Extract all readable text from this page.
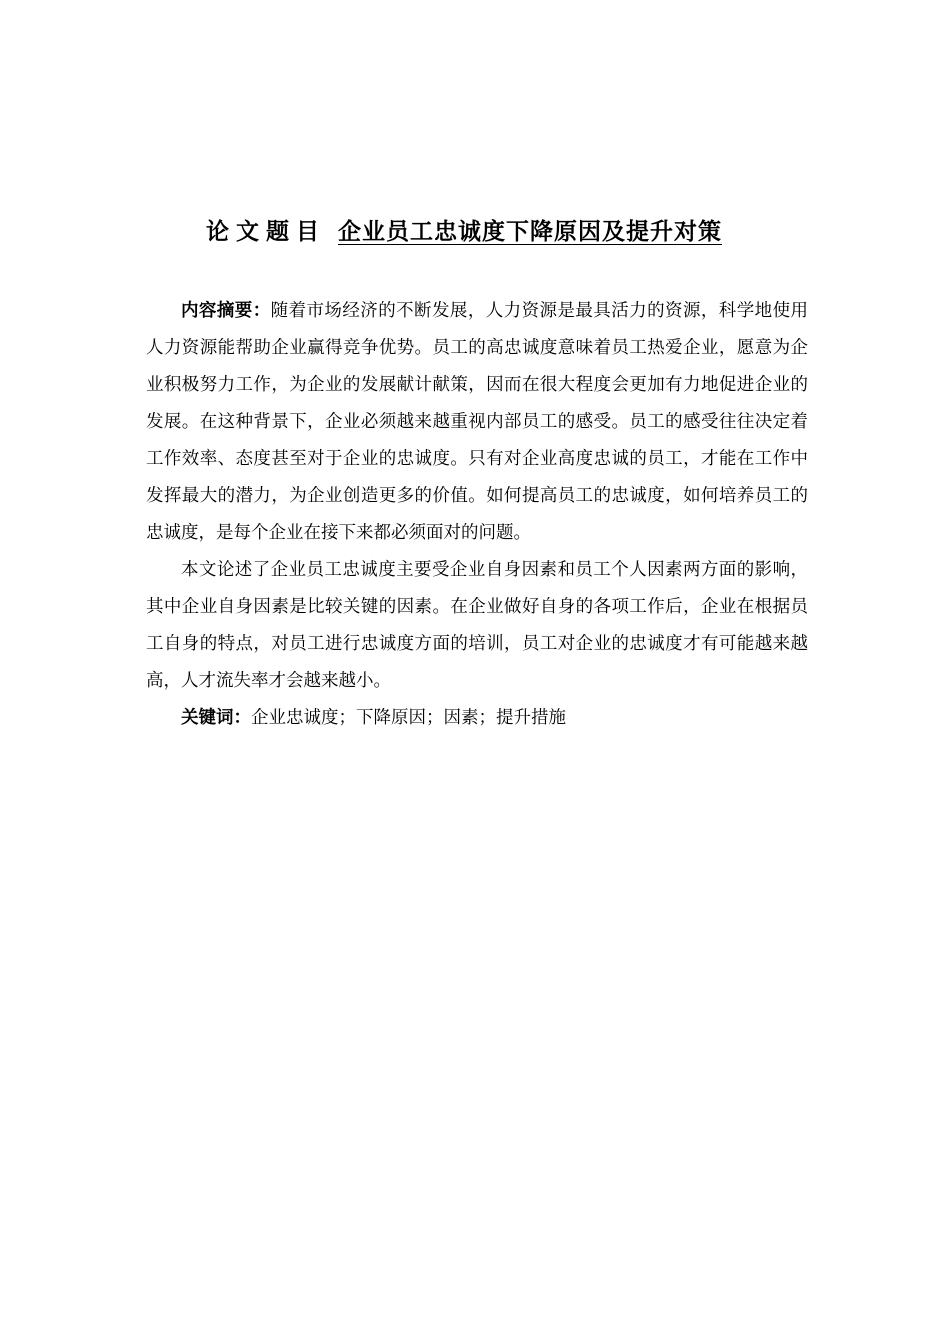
论文题目 企业员工忠诚度下降原因及提升对策

内容摘要：随着市场经济的不断发展，人力资源是最具活力的资源，科学地使用人力资源能帮助企业赢得竞争优势。员工的高忠诚度意味着员工热爱企业，愿意为企业积极努力工作，为企业的发展献计献策，因而在很大程度会更加有力地促进企业的发展。在这种背景下，企业必须越来越重视内部员工的感受。员工的感受往往决定着工作效率、态度甚至对于企业的忠诚度。只有对企业高度忠诚的员工，才能在工作中发挥最大的潜力，为企业创造更多的价值。如何提高员工的忠诚度，如何培养员工的忠诚度，是每个企业在接下来都必须面对的问题。

本文论述了企业员工忠诚度主要受企业自身因素和员工个人因素两方面的影响，其中企业自身因素是比较关键的因素。在企业做好自身的各项工作后，企业在根据员工自身的特点，对员工进行忠诚度方面的培训，员工对企业的忠诚度才有可能越来越高，人才流失率才会越来越小。

关键词：企业忠诚度；下降原因；因素；提升措施
